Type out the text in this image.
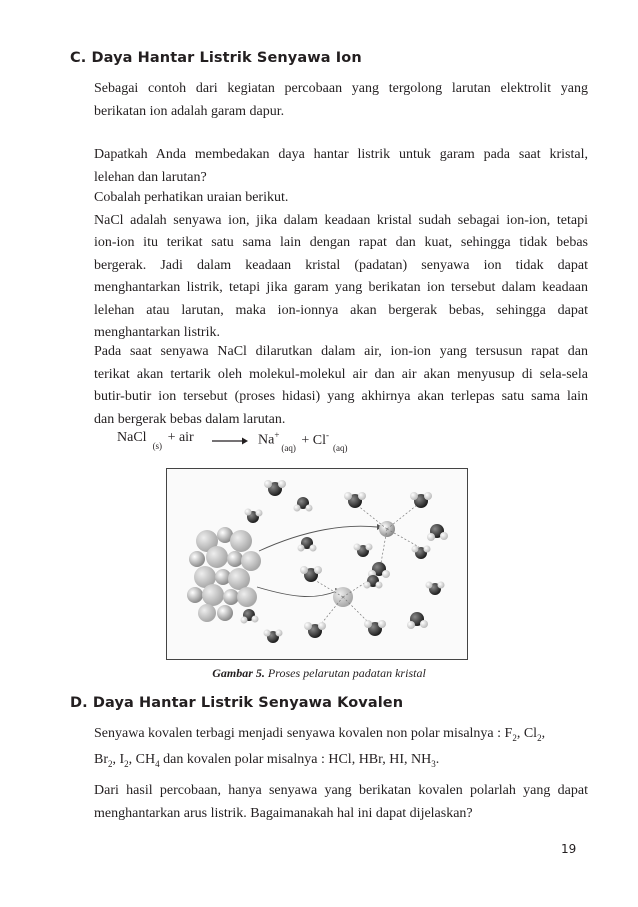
C. Daya Hantar Listrik Senyawa Ion
Sebagai contoh dari kegiatan percobaan yang tergolong larutan elektrolit yang
berikatan ion adalah garam dapur.
Dapatkah Anda membedakan daya hantar listrik untuk garam pada saat kristal,
lelehan dan larutan?
Cobalah perhatikan uraian berikut.
NaCl adalah senyawa ion, jika dalam keadaan kristal sudah sebagai ion-ion, tetapi
ion-ion itu terikat satu sama lain dengan rapat dan kuat, sehingga tidak bebas
bergerak. Jadi dalam keadaan kristal (padatan) senyawa ion tidak dapat
menghantarkan listrik, tetapi jika garam yang berikatan ion tersebut dalam keadaan
lelehan atau larutan, maka ion-ionnya akan bergerak bebas, sehingga dapat
menghantarkan listrik.
Pada saat senyawa NaCl dilarutkan dalam air, ion-ion yang tersusun rapat dan
terikat akan tertarik oleh molekul-molekul air dan air akan menyusup di sela-sela
butir-butir ion tersebut (proses hidasi) yang akhirnya akan terlepas satu sama lain
dan bergerak bebas dalam larutan.
NaCl$_{(s)}$ + air → $Na^+_{(aq)} + Cl^-_{(aq)}$
Gambar 5. Proses pelarutan padatan kristal
D. Daya Hantar Listrik Senyawa Kovalen
Senyawa kovalen terbagi menjadi senyawa kovalen non polar misalnya : $F_2$, $Cl_2$,
$Br_2$, $I_2$, $CH_4$ dan kovalen polar misalnya : HCl, HBr, HI, $NH_3$.
Dari hasil percobaan, hanya senyawa yang berikatan kovalen polarlah yang dapat
menghantarkan arus listrik. Bagaimanakah hal ini dapat dijelaskan?
19
